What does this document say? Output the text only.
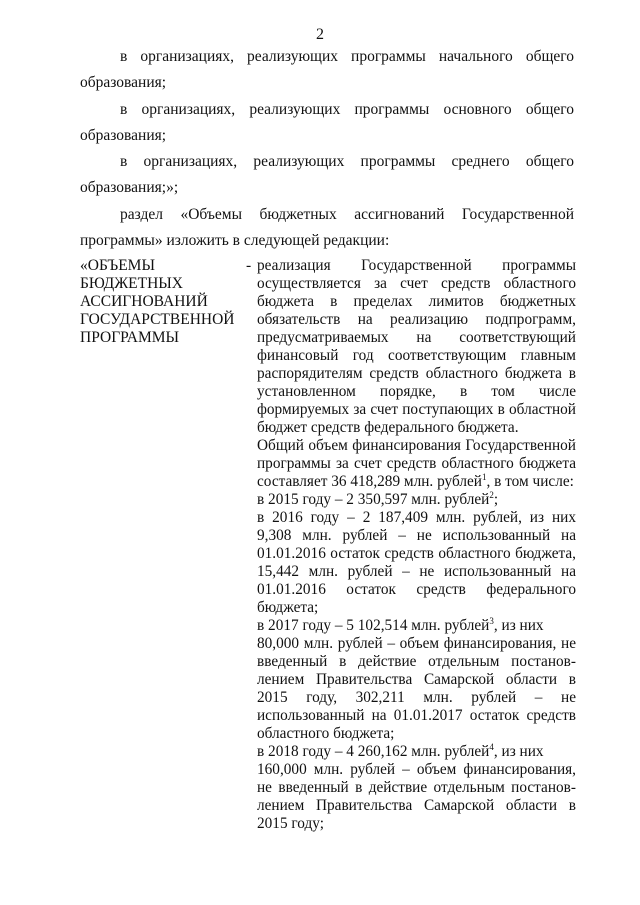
2
в организациях, реализующих программы начального общего
образования;
в организациях, реализующих программы основного общего
образования;
в организациях, реализующих программы среднего общего
образования;»;
раздел «Объемы бюджетных ассигнований Государственной
программы» изложить в следующей редакции:
«ОБЪЕМЫ
БЮДЖЕТНЫХ
АССИГНОВАНИЙ
ГОСУДАРСТВЕННОЙ
ПРОГРАММЫ
- реализация Государственной программы
осуществляется за счет средств областного
бюджета в пределах лимитов бюджетных
обязательств на реализацию подпрограмм,
предусматриваемых на соответствующий
финансовый год соответствующим главным
распорядителям средств областного бюджета в
установленном порядке, в том числе
формируемых за счет поступающих в областной
бюджет средств федерального бюджета.
Общий объем финансирования Государственной
программы за счет средств областного бюджета
составляет 36 418,289 млн. рублей$^1$, в том числе:
в 2015 году – 2 350,597 млн. рублей$^2$;
в 2016 году – 2 187,409 млн. рублей, из них
9,308 млн. рублей – не использованный на
01.01.2016 остаток средств областного бюджета,
15,442 млн. рублей – не использованный на
01.01.2016 остаток средств федерального
бюджета;
в 2017 году – 5 102,514 млн. рублей$^3$, из них
80,000 млн. рублей – объем финансирования, не
введенный в действие отдельным постанов-
лением Правительства Самарской области в
2015 году, 302,211 млн. рублей – не
использованный на 01.01.2017 остаток средств
областного бюджета;
в 2018 году – 4 260,162 млн. рублей$^4$, из них
160,000 млн. рублей – объем финансирования,
не введенный в действие отдельным постанов-
лением Правительства Самарской области в
2015 году;
